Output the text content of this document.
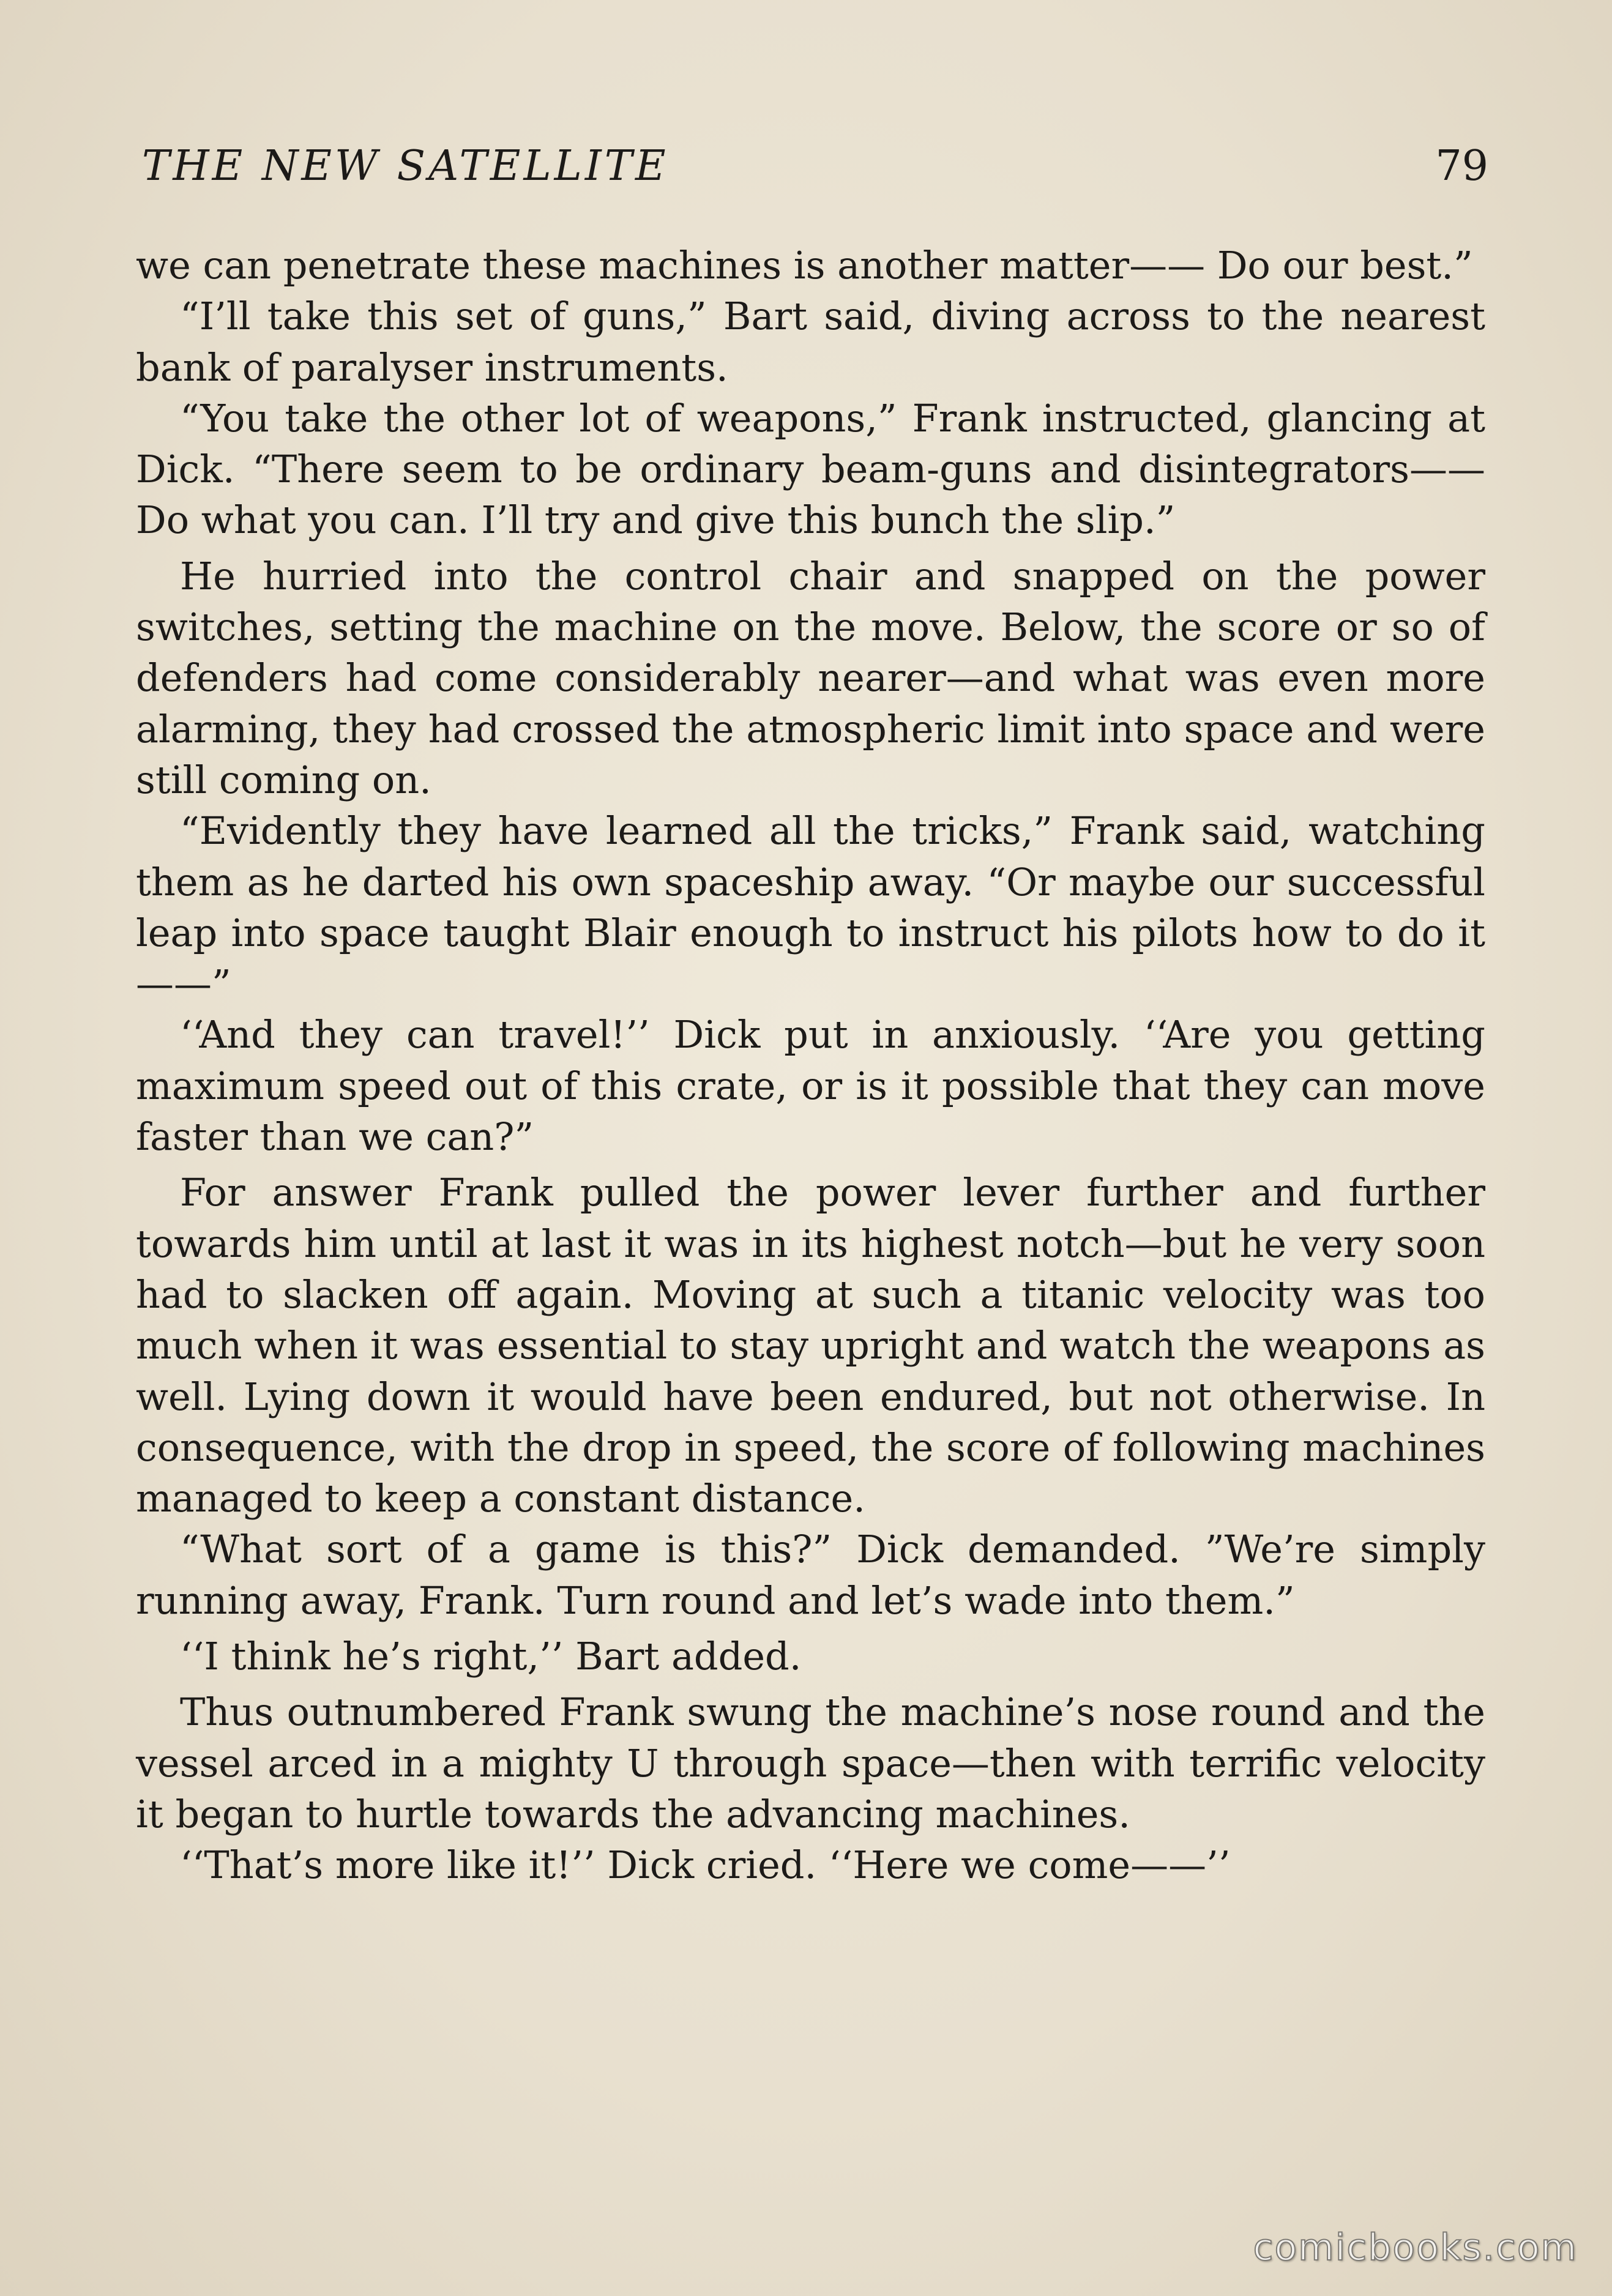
THE NEW SATELLITE	79

we can penetrate these machines is another matter—— Do our best.”

“I’ll take this set of guns,” Bart said, diving across to the nearest bank of paralyser instruments.

“You take the other lot of weapons,” Frank instructed, glancing at Dick. “There seem to be ordinary beam-guns and disintegrators—— Do what you can. I’ll try and give this bunch the slip.”

He hurried into the control chair and snapped on the power switches, setting the machine on the move. Below, the score or so of defenders had come considerably nearer—and what was even more alarming, they had crossed the atmospheric limit into space and were still coming on.

“Evidently they have learned all the tricks,” Frank said, watching them as he darted his own spaceship away. “Or maybe our successful leap into space taught Blair enough to instruct his pilots how to do it——”

‘‘And they can travel!’’ Dick put in anxiously. ‘‘Are you getting maximum speed out of this crate, or is it possible that they can move faster than we can?”

For answer Frank pulled the power lever further and further towards him until at last it was in its highest notch—but he very soon had to slacken off again. Moving at such a titanic velocity was too much when it was essential to stay upright and watch the weapons as well. Lying down it would have been endured, but not otherwise. In consequence, with the drop in speed, the score of following machines managed to keep a constant distance.

“What sort of a game is this?” Dick demanded. ”We’re simply running away, Frank. Turn round and let’s wade into them.”

‘‘I think he’s right,’’ Bart added.

Thus outnumbered Frank swung the machine’s nose round and the vessel arced in a mighty U through space—then with terrific velocity it began to hurtle towards the advancing machines.

‘‘That’s more like it!’’ Dick cried. ‘‘Here we come——’’

comicbooks.com
